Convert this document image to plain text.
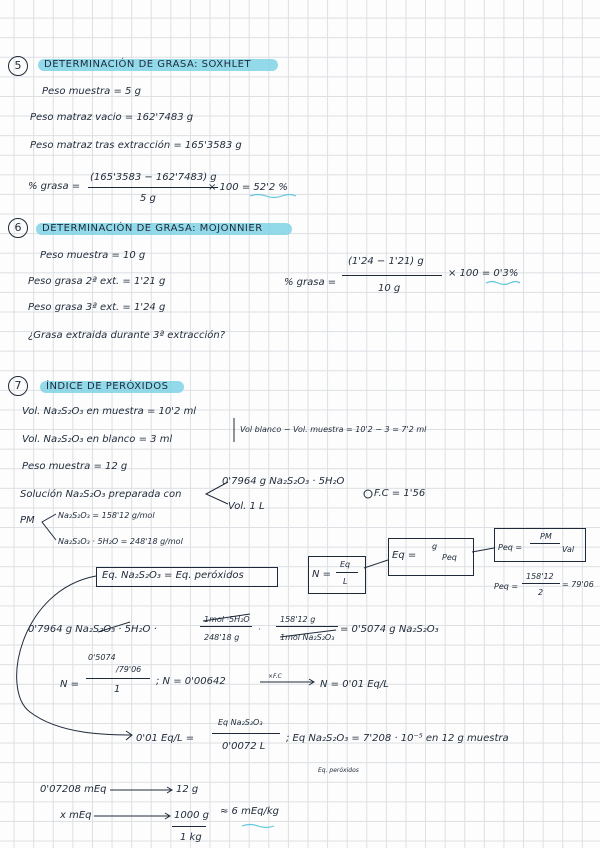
5	DETERMINACIÓN DE GRASA: SOXHLET
Peso muestra = 5 g
Peso matraz vacio = 162'7483 g
Peso matraz tras extracción = 165'3583 g
% grasa =
(165'3583 − 162'7483) g
5 g
× 100 = 52'2 %
6	DETERMINACIÓN DE GRASA: MOJONNIER
Peso muestra = 10 g
Peso grasa 2ª ext. = 1'21 g
Peso grasa 3ª ext. = 1'24 g
¿Grasa extraida durante 3ª extracción?
% grasa =
(1'24 − 1'21) g
10 g
× 100 = 0'3%
7	ÍNDICE DE PERÓXIDOS
Vol. Na₂S₂O₃ en muestra = 10'2 ml
Vol. Na₂S₂O₃ en blanco = 3 ml
Vol blanco − Vol. muestra = 10'2 − 3 = 7'2 ml
Peso muestra = 12 g
Solución Na₂S₂O₃ preparada con
0'7964 g Na₂S₂O₃ · 5H₂O
Vol. 1 L
F.C = 1'56
PM	Na₂S₂O₃ = 158'12 g/mol
Na₂S₂O₃ · 5H₂O = 248'18 g/mol
N =
Eq
L
Eq =
g
Peq
Peq =
PM
Val
Peq =
158'12
2
= 79'06
Eq. Na₂S₂O₃ = Eq. peróxidos
0'7964 g Na₂S₂O₃ · 5H₂O ·
1mol ·5H₂O
248'18 g
·
158'12 g
1mol Na₂S₂O₃
= 0'5074 g Na₂S₂O₃
N =
0'5074
/79'06
1
; N = 0'00642	×F.C
N = 0'01 Eq/L
0'01 Eq/L =
Eq Na₂S₂O₃
0'0072 L
; Eq Na₂S₂O₃ = 7'208 · 10⁻⁵ en 12 g muestra
Eq. peróxidos
0'07208 mEq	12 g
x mEq	1000 g
1 kg
≈ 6 mEq/kg
